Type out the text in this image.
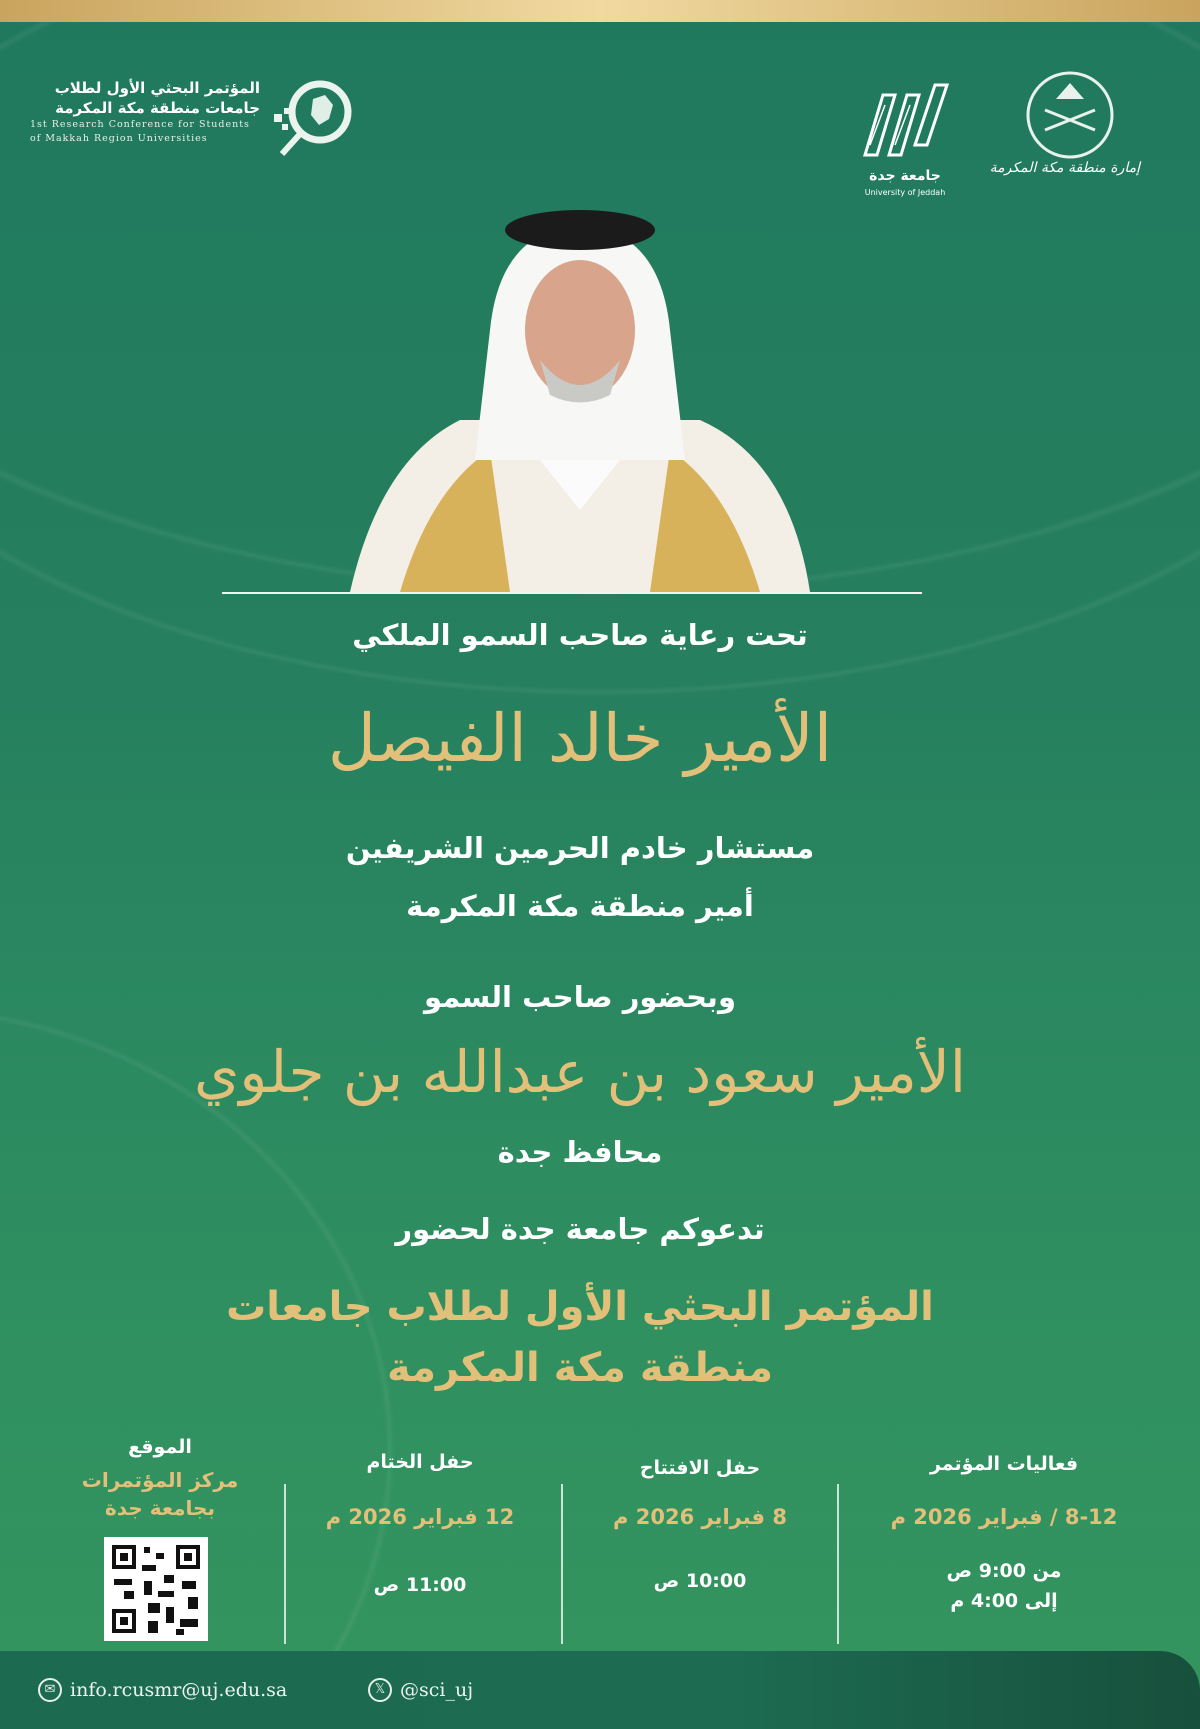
المؤتمر البحثي الأول لطلاب
جامعات منطقة مكة المكرمة
1st Research Conference for Students
of Makkah Region Universities
جامعة جدة
University of Jeddah
إمارة منطقة مكة المكرمة
تحت رعاية صاحب السمو الملكي
الأمير خالد الفيصل
مستشار خادم الحرمين الشريفين
أمير منطقة مكة المكرمة
وبحضور صاحب السمو
الأمير سعود بن عبدالله بن جلوي
محافظ جدة
تدعوكم جامعة جدة لحضور
المؤتمر البحثي الأول لطلاب جامعات
منطقة مكة المكرمة
فعاليات المؤتمر
8-12 / فبراير 2026 م
من 9:00 ص
إلى 4:00 م
حفل الافتتاح
8 فبراير 2026 م
10:00 ص
حفل الختام
12 فبراير 2026 م
11:00 ص
الموقع
مركز المؤتمرات
بجامعة جدة
✉ info.rcusmr@uj.edu.sa	𝕏 @sci_uj
